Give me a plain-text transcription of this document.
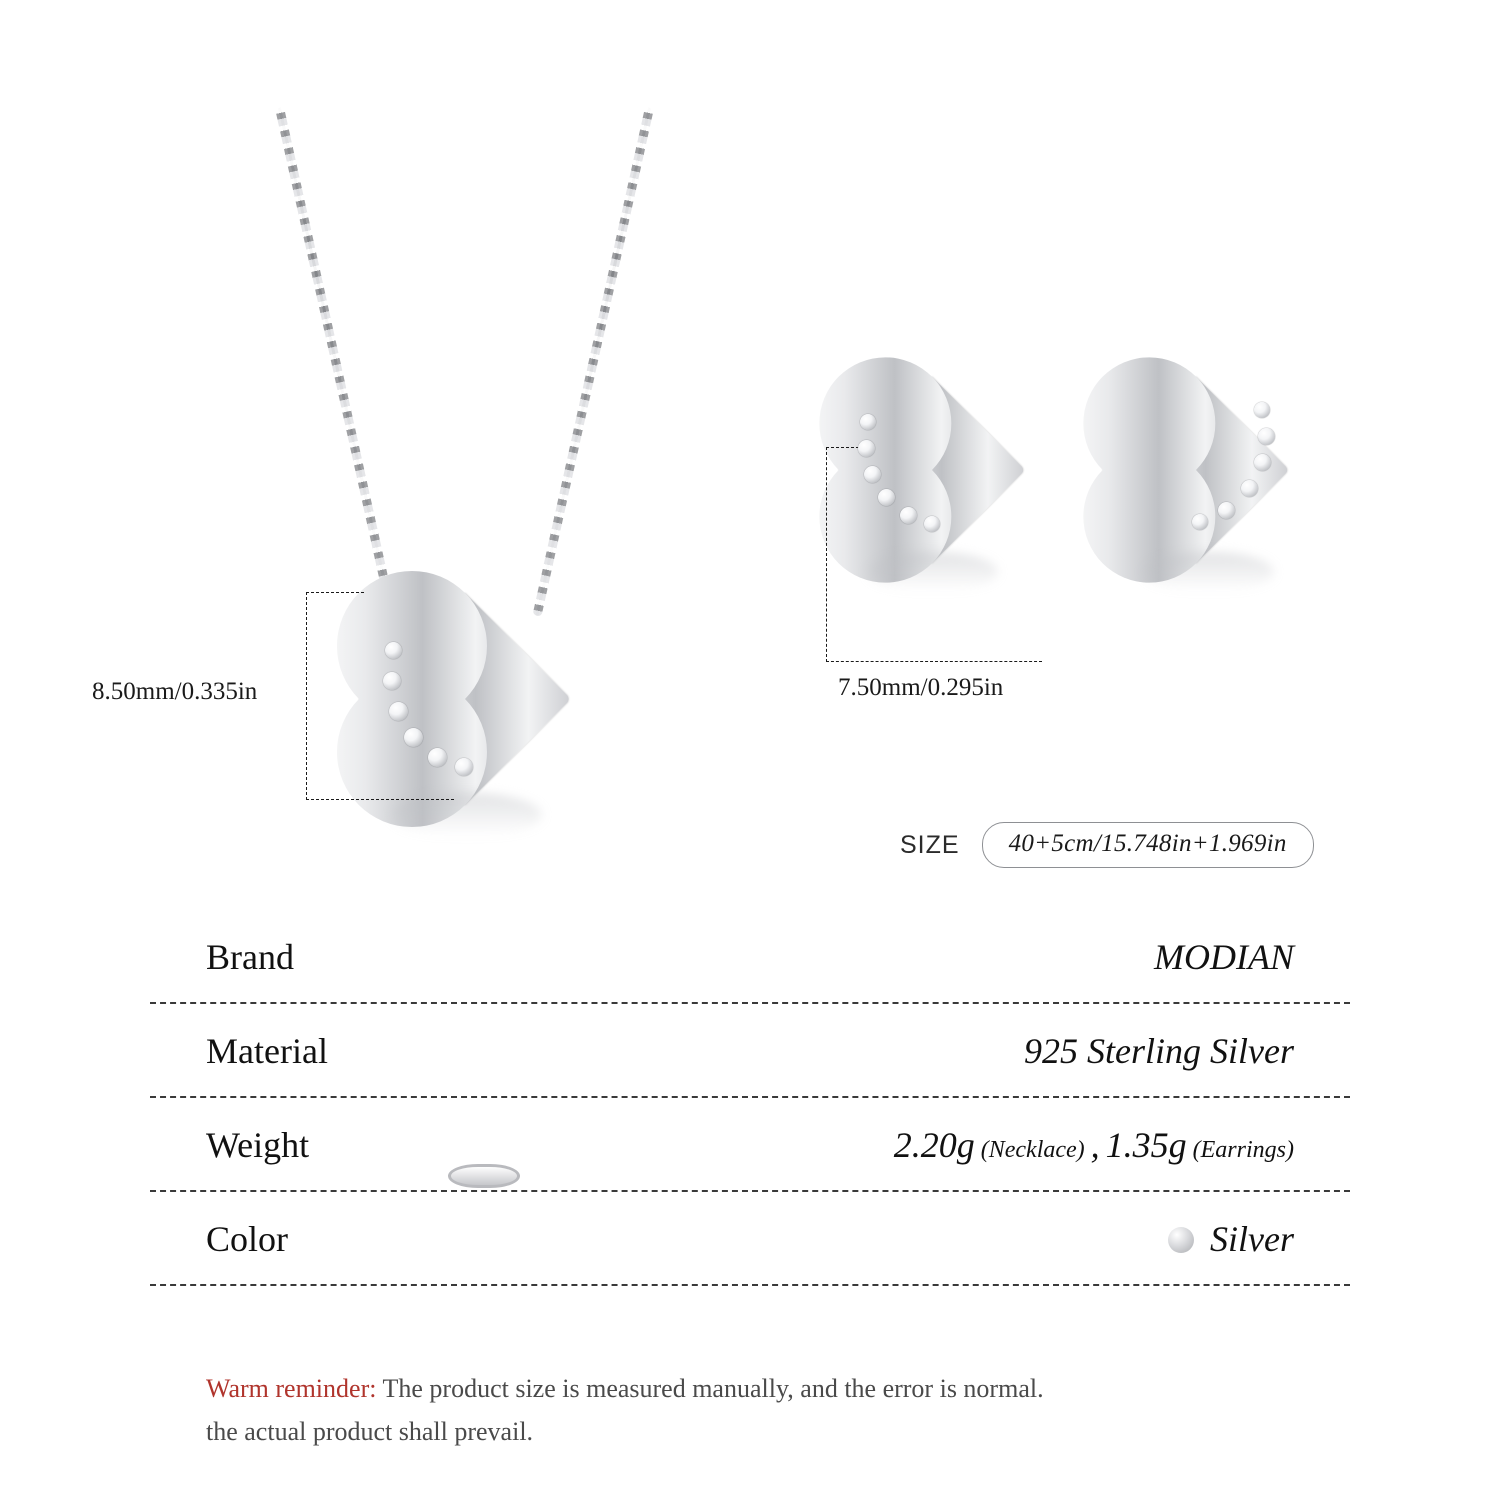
8.50mm/0.335in	7.50mm/0.295in
SIZE	40+5cm/15.748in+1.969in
Brand	MODIAN
Material	925 Sterling Silver
Weight	2.20g (Necklace) , 1.35g (Earrings)
Color	Silver
Warm reminder: The product size is measured manually, and the error is normal.
the actual product shall prevail.
